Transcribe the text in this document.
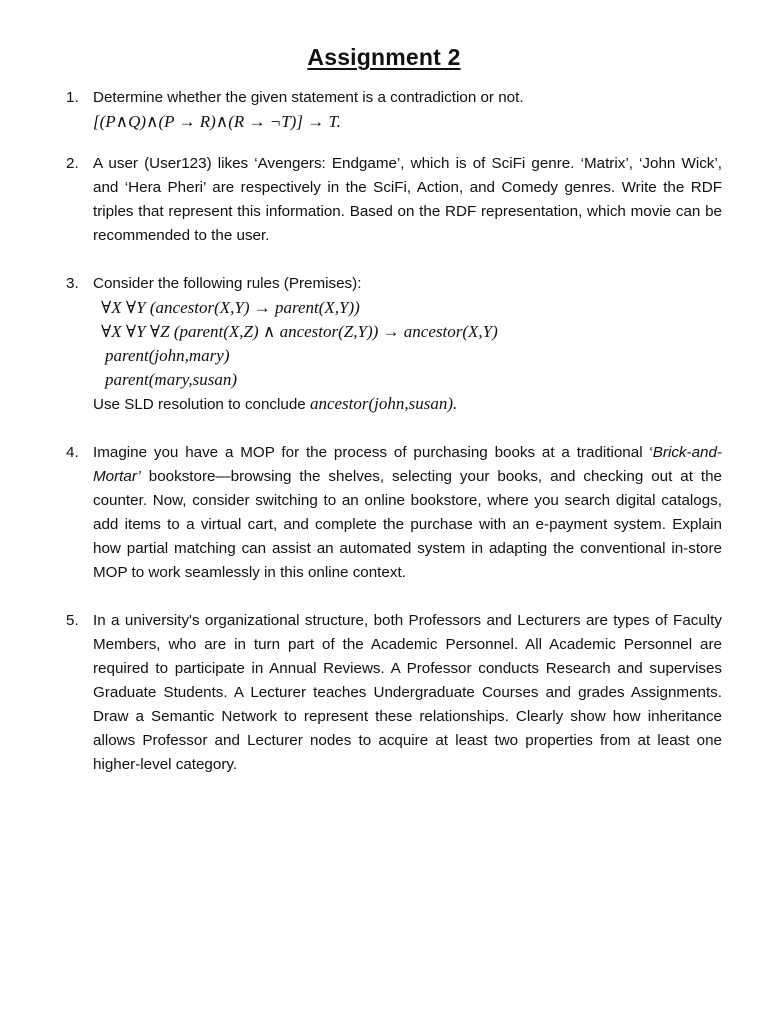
Assignment 2
1. Determine whether the given statement is a contradiction or not.
[(P∧Q)∧(P → R)∧(R → ¬T)] → T.
2. A user (User123) likes ‘Avengers: Endgame’, which is of SciFi genre. ‘Matrix’, ‘John Wick’, and ‘Hera Pheri’ are respectively in the SciFi, Action, and Comedy genres. Write the RDF triples that represent this information. Based on the RDF representation, which movie can be recommended to the user.
3. Consider the following rules (Premises):
∀X ∀Y (ancestor(X,Y) → parent(X,Y))
∀X ∀Y ∀Z (parent(X,Z) ∧ ancestor(Z,Y)) → ancestor(X,Y)
parent(john,mary)
parent(mary,susan)
Use SLD resolution to conclude ancestor(john,susan).
4. Imagine you have a MOP for the process of purchasing books at a traditional ‘Brick-and-Mortar’ bookstore—browsing the shelves, selecting your books, and checking out at the counter. Now, consider switching to an online bookstore, where you search digital catalogs, add items to a virtual cart, and complete the purchase with an e-payment system. Explain how partial matching can assist an automated system in adapting the conventional in-store MOP to work seamlessly in this online context.
5. In a university's organizational structure, both Professors and Lecturers are types of Faculty Members, who are in turn part of the Academic Personnel. All Academic Personnel are required to participate in Annual Reviews. A Professor conducts Research and supervises Graduate Students. A Lecturer teaches Undergraduate Courses and grades Assignments. Draw a Semantic Network to represent these relationships. Clearly show how inheritance allows Professor and Lecturer nodes to acquire at least two properties from at least one higher-level category.
